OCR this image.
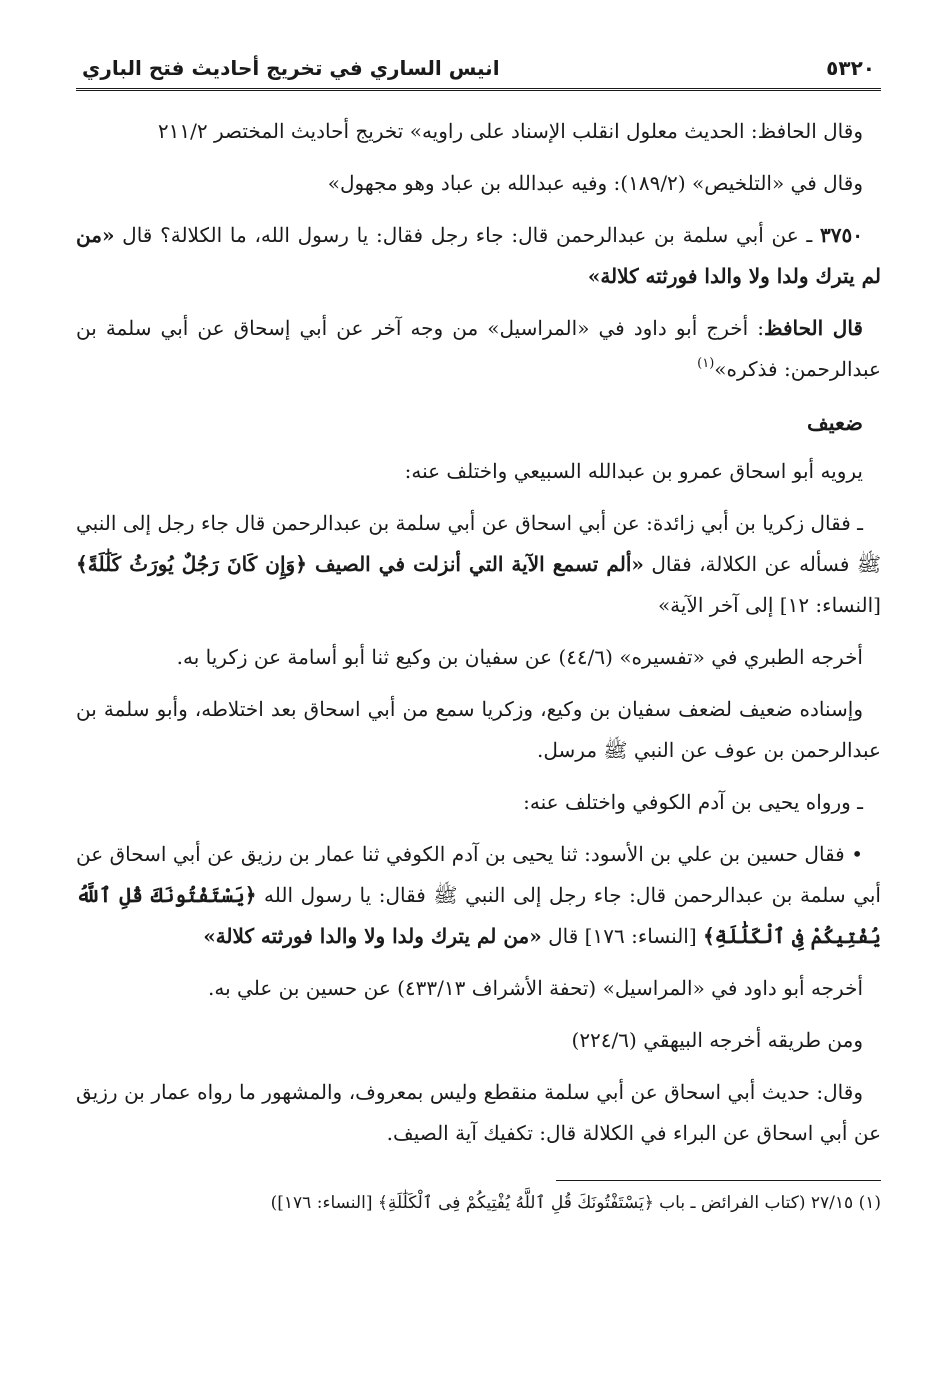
٥٣٢٠
انيس الساري في تخريج أحاديث فتح الباري

وقال الحافظ: الحديث معلول انقلب الإسناد على راويه» تخريج أحاديث المختصر ٢١١/٢

وقال في «التلخيص» (١٨٩/٢): وفيه عبدالله بن عباد وهو مجهول»

٣٧٥٠ ـ عن أبي سلمة بن عبدالرحمن قال: جاء رجل فقال: يا رسول الله، ما الكلالة؟ قال «من لم يترك ولدا ولا والدا فورثته كلالة»

قال الحافظ: أخرج أبو داود في «المراسيل» من وجه آخر عن أبي إسحاق عن أبي سلمة بن عبدالرحمن: فذكره»$^{(١)}$

ضعيف

يرويه أبو اسحاق عمرو بن عبدالله السبيعي واختلف عنه:

ـ فقال زكريا بن أبي زائدة: عن أبي اسحاق عن أبي سلمة بن عبدالرحمن قال جاء رجل إلى النبي ﷺ فسأله عن الكلالة، فقال «ألم تسمع الآية التي أنزلت في الصيف ﴿وَإِن كَانَ رَجُلٌ يُورَثُ كَلَٰلَةً﴾ [النساء: ١٢] إلى آخر الآية»

أخرجه الطبري في «تفسيره» (٤٤/٦) عن سفيان بن وكيع ثنا أبو أسامة عن زكريا به.

وإسناده ضعيف لضعف سفيان بن وكيع، وزكريا سمع من أبي اسحاق بعد اختلاطه، وأبو سلمة بن عبدالرحمن بن عوف عن النبي ﷺ مرسل.

ـ ورواه يحيى بن آدم الكوفي واختلف عنه:

• فقال حسين بن علي بن الأسود: ثنا يحيى بن آدم الكوفي ثنا عمار بن رزيق عن أبي اسحاق عن أبي سلمة بن عبدالرحمن قال: جاء رجل إلى النبي ﷺ فقال: يا رسول الله ﴿يَسْتَفْتُونَكَ قُلِ ٱللَّهُ يُفْتِيكُمْ فِى ٱلْكَلَٰلَةِ﴾ [النساء: ١٧٦] قال «من لم يترك ولدا ولا والدا فورثته كلالة»

أخرجه أبو داود في «المراسيل» (تحفة الأشراف ٤٣٣/١٣) عن حسين بن علي به.

ومن طريقه أخرجه البيهقي (٢٢٤/٦)

وقال: حديث أبي اسحاق عن أبي سلمة منقطع وليس بمعروف، والمشهور ما رواه عمار بن رزيق عن أبي اسحاق عن البراء في الكلالة قال: تكفيك آية الصيف.

(١) ٢٧/١٥ (كتاب الفرائض ـ باب ﴿يَسْتَفْتُونَكَ قُلِ ٱللَّهُ يُفْتِيكُمْ فِى ٱلْكَلَٰلَةِ﴾ [النساء: ١٧٦])
